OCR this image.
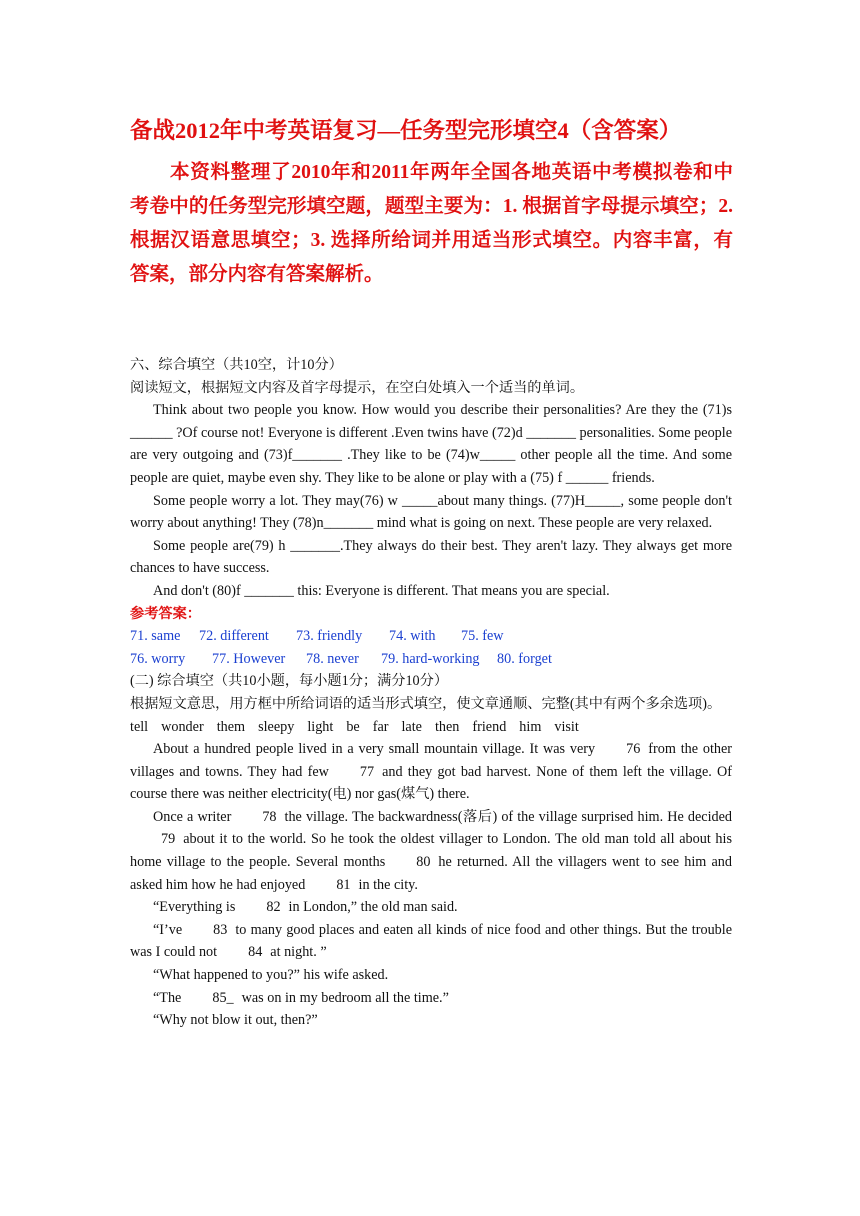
备战2012年中考英语复习—任务型完形填空4（含答案）
本资料整理了2010年和2011年两年全国各地英语中考模拟卷和中考卷中的任务型完形填空题，题型主要为：1. 根据首字母提示填空；2. 根据汉语意思填空；3. 选择所给词并用适当形式填空。内容丰富，有答案，部分内容有答案解析。

六、综合填空（共10空，计10分）

阅读短文，根据短文内容及首字母提示，在空白处填入一个适当的单词。

Think about two people you know. How would you describe their personalities? Are they the (71)s ______ ?Of course not! Everyone is different .Even twins have (72)d _______ personalities. Some people are very outgoing and (73)f_______ .They like to be (74)w_____ other people all the time. And some people are quiet, maybe even shy. They like to be alone or play with a (75) f ______ friends.

Some people worry a lot. They may(76) w _____about many things. (77)H_____, some people don't worry about anything! They (78)n_______ mind what is going on next. These people are very relaxed.

Some people are(79) h _______.They always do their best. They aren't lazy. They always get more chances to have success.

And don't (80)f _______ this: Everyone is different. That means you are special.

参考答案：

71. same 72. different 73. friendly 74. with 75. few

76. worry 77. However 78. never 79. hard-working 80. forget

(二) 综合填空（共10小题，每小题1分；满分10分）

根据短文意思，用方框中所给词语的适当形式填空，使文章通顺、完整(其中有两个多余选项)。

tell wonder them sleepy light be far late then friend him visit

About a hundred people lived in a very small mountain village. It was very 76 from the other villages and towns. They had few 77 and they got bad harvest. None of them left the village. Of course there was neither electricity(电) nor gas(煤气) there.

Once a writer 78 the village. The backwardness(落后) of the village surprised him. He decided79 about it to the world. So he took the oldest villager to London. The old man told all about his home village to the people. Several months 80 he returned. All the villagers went to see him and asked him how he had enjoyed 81 in the city.

“Everything is 82 in London,” the old man said.

“I’ve 83 to many good places and eaten all kinds of nice food and other things. But the trouble was I could not 84 at night. ”

“What happened to you?” his wife asked.

“The 85_ was on in my bedroom all the time.”

“Why not blow it out, then?”
